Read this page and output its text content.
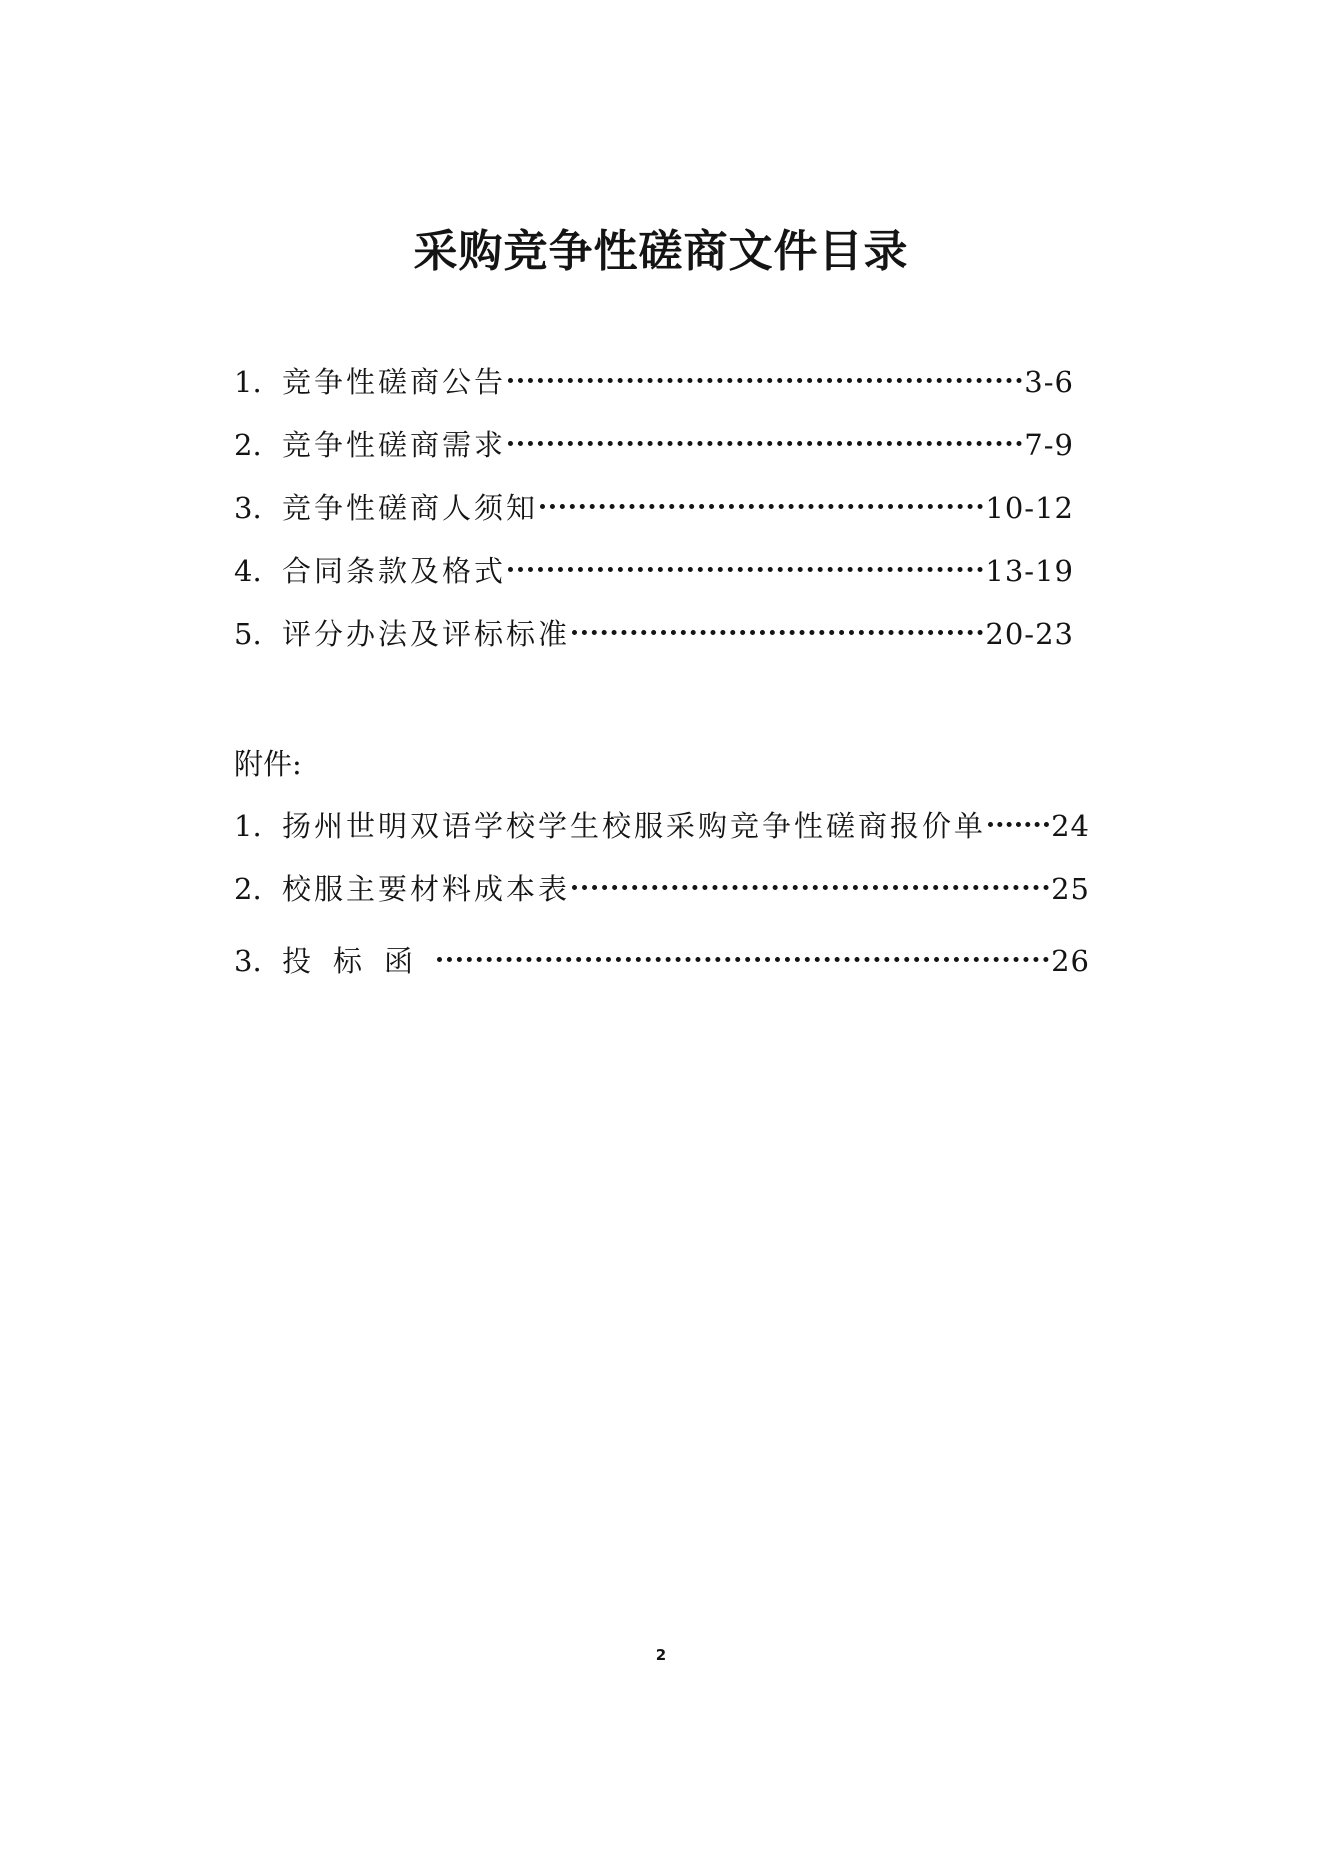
采购竞争性磋商文件目录
1. 竞争性磋商公告	3-6
2. 竞争性磋商需求	7-9
3. 竞争性磋商人须知	10-12
4. 合同条款及格式	13-19
5. 评分办法及评标标准	20-23
附件:
1. 扬州世明双语学校学生校服采购竞争性磋商报价单 24
2. 校服主要材料成本表	25
3. 投标函	26
2
